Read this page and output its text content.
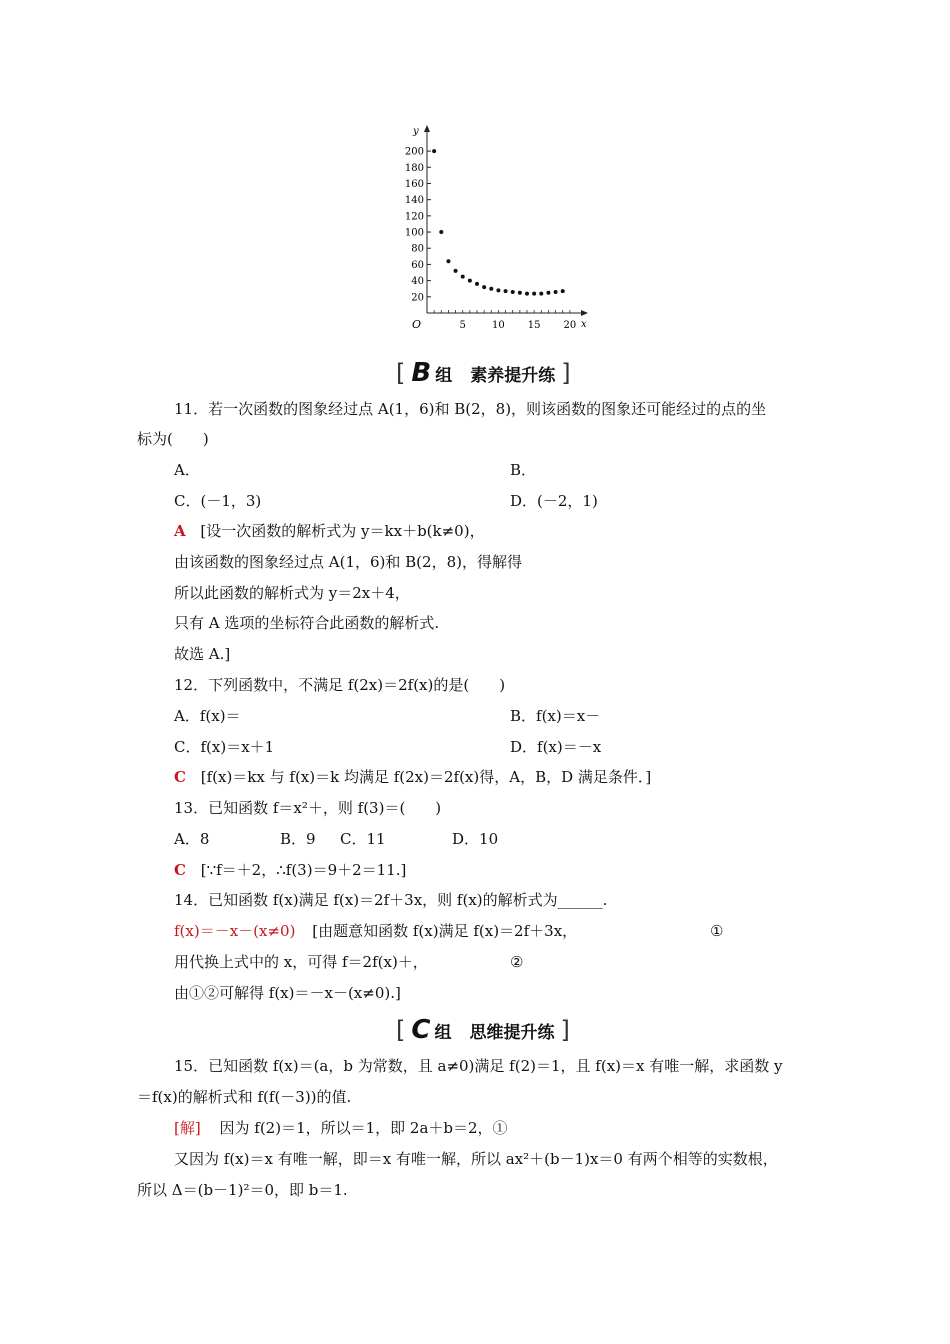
20
40
60
80
100
120
140
160
180
200
5	10 15 20 x
y
O
[ B 组 素养提升练 ]
11．若一次函数的图象经过点 A(1，6)和 B(2，8)，则该函数的图象还可能经过的点的坐
标为(　　)
A．	B．
C．(－1，3)	D．(－2，1)
A [设一次函数的解析式为 y＝kx＋b(k≠0)，
由该函数的图象经过点 A(1，6)和 B(2，8)，得解得
所以此函数的解析式为 y＝2x＋4，
只有 A 选项的坐标符合此函数的解析式.
故选 A.]
12．下列函数中，不满足 f(2x)＝2f(x)的是(　　)
A．f(x)＝	B．f(x)＝x－
C．f(x)＝x＋1	D．f(x)＝－x
C [f(x)＝kx 与 f(x)＝k 均满足 f(2x)＝2f(x)得，A，B，D 满足条件．]
13．已知函数 f＝x²＋，则 f(3)＝(　　)
A．8	B．9 C．11	D．10
C [∵f＝＋2，∴f(3)＝9＋2＝11.]
14．已知函数 f(x)满足 f(x)＝2f＋3x，则 f(x)的解析式为______.
f(x)＝－x－(x≠0) [由题意知函数 f(x)满足 f(x)＝2f＋3x，	①
用代换上式中的 x，可得 f＝2f(x)＋，	②
由①②可解得 f(x)＝－x－(x≠0).]
[ C 组 思维提升练 ]
15．已知函数 f(x)＝(a，b 为常数，且 a≠0)满足 f(2)＝1，且 f(x)＝x 有唯一解，求函数 y
＝f(x)的解析式和 f(f(－3))的值.
[解] 因为 f(2)＝1，所以＝1，即 2a＋b＝2，①
又因为 f(x)＝x 有唯一解，即＝x 有唯一解，所以 ax²＋(b－1)x＝0 有两个相等的实数根，
所以 Δ＝(b－1)²＝0，即 b＝1.
